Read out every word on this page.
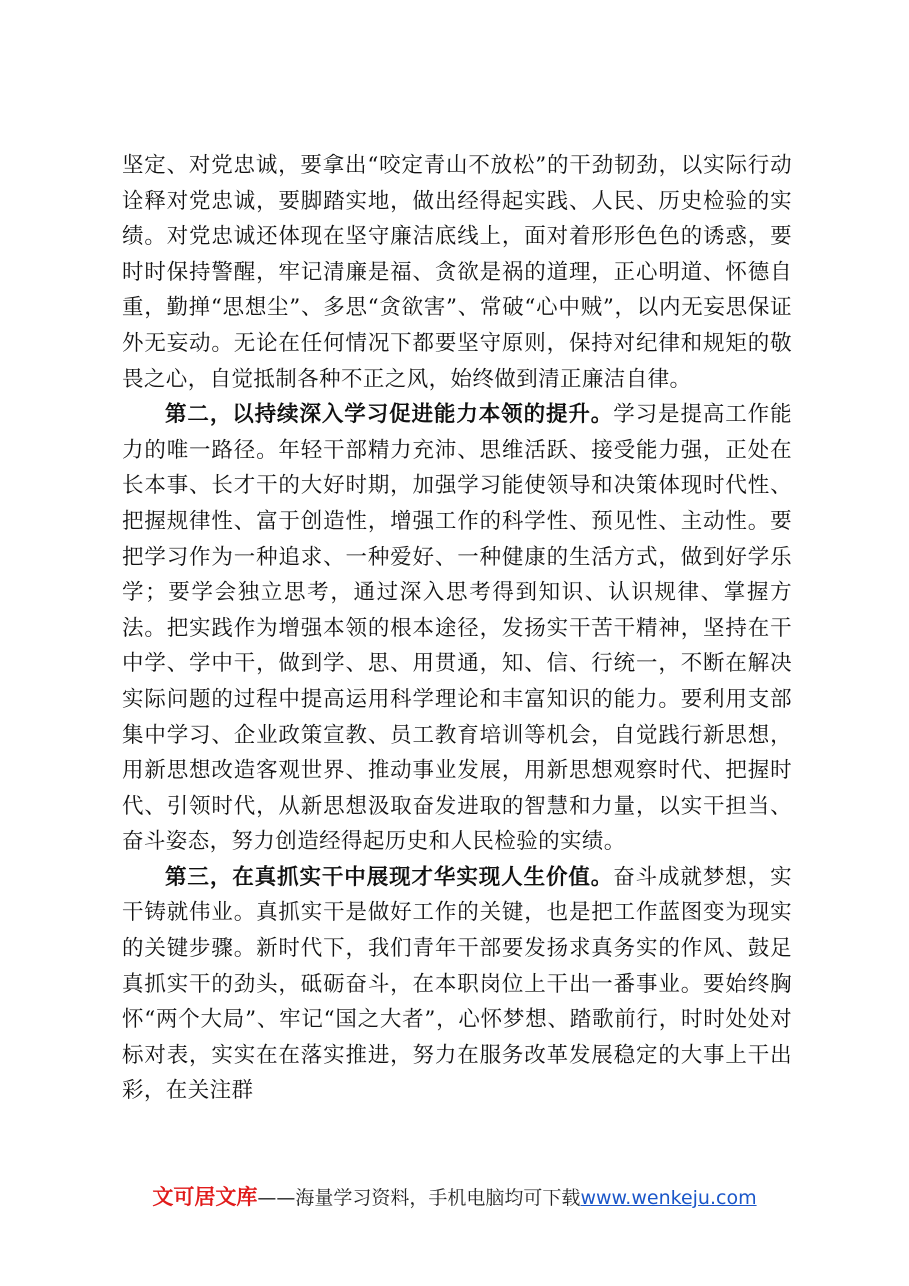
坚定、对党忠诚，要拿出“咬定青山不放松”的干劲韧劲，以实际行动诠释对党忠诚，要脚踏实地，做出经得起实践、人民、历史检验的实绩。对党忠诚还体现在坚守廉洁底线上，面对着形形色色的诱惑，要时时保持警醒，牢记清廉是福、贪欲是祸的道理，正心明道、怀德自重，勤掸“思想尘”、多思“贪欲害”、常破“心中贼”，以内无妄思保证外无妄动。无论在任何情况下都要坚守原则，保持对纪律和规矩的敬畏之心，自觉抵制各种不正之风，始终做到清正廉洁自律。

第二，以持续深入学习促进能力本领的提升。学习是提高工作能力的唯一路径。年轻干部精力充沛、思维活跃、接受能力强，正处在长本事、长才干的大好时期，加强学习能使领导和决策体现时代性、把握规律性、富于创造性，增强工作的科学性、预见性、主动性。要把学习作为一种追求、一种爱好、一种健康的生活方式，做到好学乐学；要学会独立思考，通过深入思考得到知识、认识规律、掌握方法。把实践作为增强本领的根本途径，发扬实干苦干精神，坚持在干中学、学中干，做到学、思、用贯通，知、信、行统一，不断在解决实际问题的过程中提高运用科学理论和丰富知识的能力。要利用支部集中学习、企业政策宣教、员工教育培训等机会，自觉践行新思想，用新思想改造客观世界、推动事业发展，用新思想观察时代、把握时代、引领时代，从新思想汲取奋发进取的智慧和力量，以实干担当、奋斗姿态，努力创造经得起历史和人民检验的实绩。

第三，在真抓实干中展现才华实现人生价值。奋斗成就梦想，实干铸就伟业。真抓实干是做好工作的关键，也是把工作蓝图变为现实的关键步骤。新时代下，我们青年干部要发扬求真务实的作风、鼓足真抓实干的劲头，砥砺奋斗，在本职岗位上干出一番事业。要始终胸怀“两个大局”、牢记“国之大者”，心怀梦想、踏歌前行，时时处处对标对表，实实在在落实推进，努力在服务改革发展稳定的大事上干出彩，在关注群

文可居文库——海量学习资料，手机电脑均可下载www.wenkeju.com
